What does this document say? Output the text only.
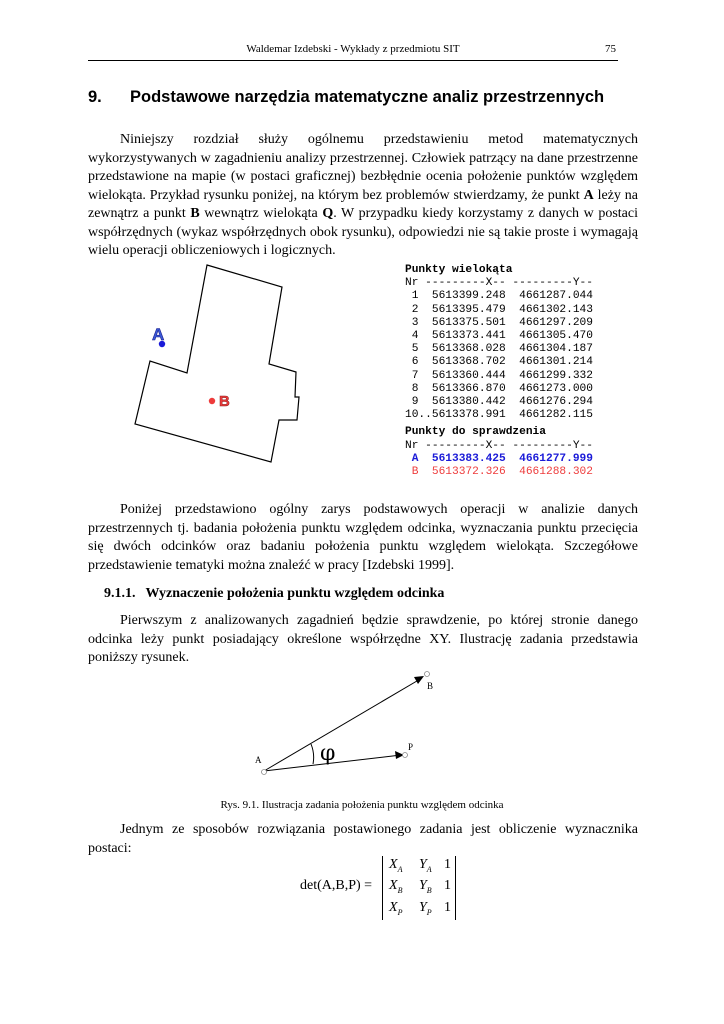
Waldemar Izdebski - Wykłady z przedmiotu SIT	75
9. Podstawowe narzędzia matematyczne analiz przestrzennych

Niniejszy rozdział służy ogólnemu przedstawieniu metod matematycznych wykorzystywanych w zagadnieniu analizy przestrzennej. Człowiek patrzący na dane przestrzenne przedstawione na mapie (w postaci graficznej) bezbłędnie ocenia położenie punktów względem wielokąta. Przykład rysunku poniżej, na którym bez problemów stwierdzamy, że punkt A leży na zewnątrz a punkt B wewnątrz wielokąta Q. W przypadku kiedy korzystamy z danych w postaci współrzędnych (wykaz współrzędnych obok rysunku), odpowiedzi nie są takie proste i wymagają wielu operacji obliczeniowych i logicznych.

A
B
A
B
P
φ
Punkty wielokąta
Nr ---------X-- ---------Y--
1  5613399.248  4661287.044
2  5613395.479  4661302.143
3  5613375.501  4661297.209
4  5613373.441  4661305.470
5  5613368.028  4661304.187
6  5613368.702  4661301.214
7  5613360.444  4661299.332
8  5613366.870  4661273.000
9  5613380.442  4661276.294
10..5613378.991  4661282.115
Punkty do sprawdzenia
Nr ---------X-- ---------Y--
A  5613383.425  4661277.999
B  5613372.326  4661288.302

Poniżej przedstawiono ogólny zarys podstawowych operacji w analizie danych przestrzennych tj. badania położenia punktu względem odcinka, wyznaczania punktu przecięcia się dwóch odcinków oraz badaniu położenia punktu względem wielokąta. Szczegółowe przedstawienie tematyki można znaleźć w pracy [Izdebski 1999].

9.1.1. Wyznaczenie położenia punktu względem odcinka

Pierwszym z analizowanych zagadnień będzie sprawdzenie, po której stronie danego odcinka leży punkt posiadający określone współrzędne XY. Ilustrację zadania przedstawia poniższy rysunek.

Rys. 9.1. Ilustracja zadania położenia punktu względem odcinka

Jednym ze sposobów rozwiązania postawionego zadania jest obliczenie wyznacznika postaci:

det(A,B,P) =
$X_A$ $Y_A$ 1
$X_B$ $Y_B$ 1
$X_P$ $Y_P$ 1
